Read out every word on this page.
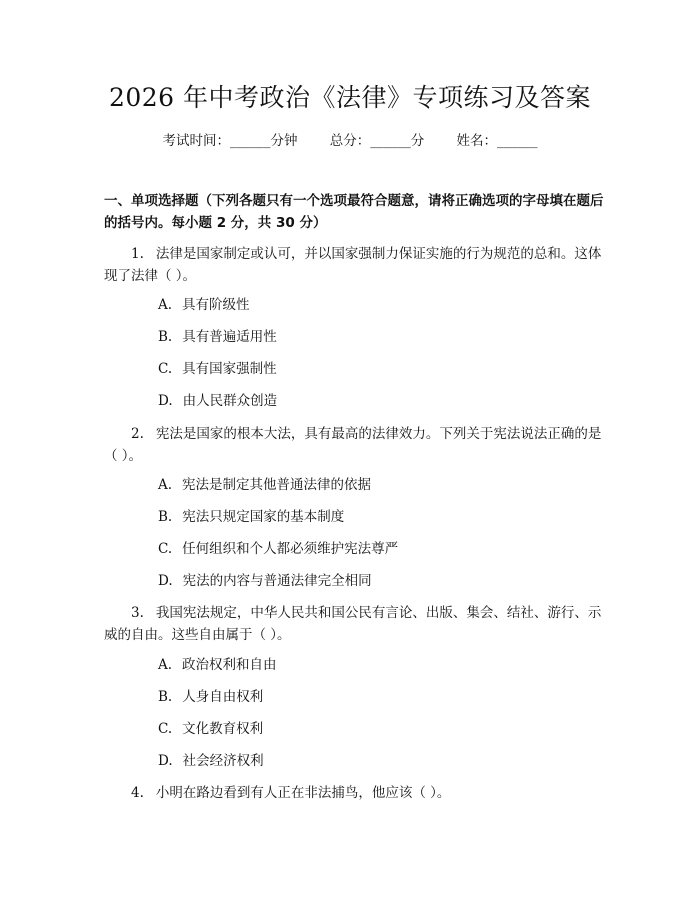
2026 年中考政治《法律》专项练习及答案
考试时间：______分钟 总分：______分 姓名：______
一、单项选择题（下列各题只有一个选项最符合题意，请将正确选项的字母填在题后的括号内。每小题 2 分，共 30 分）
1. 法律是国家制定或认可，并以国家强制力保证实施的行为规范的总和。这体现了法律（ ）。
A. 具有阶级性
B. 具有普遍适用性
C. 具有国家强制性
D. 由人民群众创造
2. 宪法是国家的根本大法，具有最高的法律效力。下列关于宪法说法正确的是（ ）。
A. 宪法是制定其他普通法律的依据
B. 宪法只规定国家的基本制度
C. 任何组织和个人都必须维护宪法尊严
D. 宪法的内容与普通法律完全相同
3. 我国宪法规定，中华人民共和国公民有言论、出版、集会、结社、游行、示威的自由。这些自由属于（ ）。
A. 政治权利和自由
B. 人身自由权利
C. 文化教育权利
D. 社会经济权利
4. 小明在路边看到有人正在非法捕鸟，他应该（ ）。
